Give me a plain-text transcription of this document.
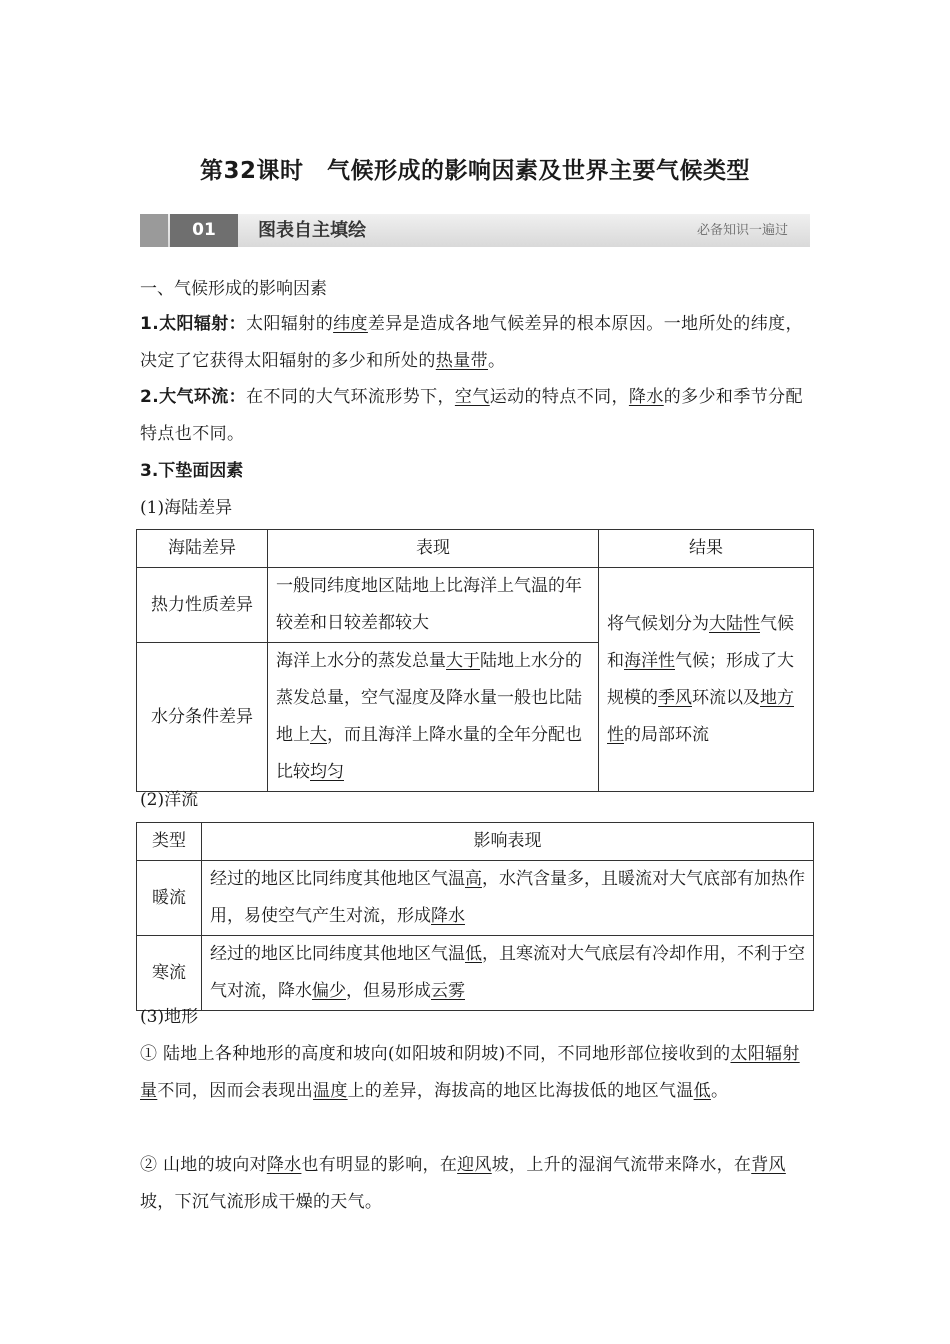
第32课时　气候形成的影响因素及世界主要气候类型
01	图表自主填绘	必备知识一遍过
一、气候形成的影响因素
1.太阳辐射：太阳辐射的纬度差异是造成各地气候差异的根本原因。一地所处的纬度，决定了它获得太阳辐射的多少和所处的热量带。
2.大气环流：在不同的大气环流形势下，空气运动的特点不同，降水的多少和季节分配特点也不同。
3.下垫面因素
(1)海陆差异
海陆差异	表现	结果
热力性质差异	一般同纬度地区陆地上比海洋上气温的年较差和日较差都较大	将气候划分为大陆性气候和海洋性气候；形成了大规模的季风环流以及地方性的局部环流
水分条件差异	海洋上水分的蒸发总量大于陆地上水分的蒸发总量，空气湿度及降水量一般也比陆地上大，而且海洋上降水量的全年分配也比较均匀	
(2)洋流
类型	影响表现
暖流	经过的地区比同纬度其他地区气温高，水汽含量多，且暖流对大气底部有加热作用，易使空气产生对流，形成降水
寒流	经过的地区比同纬度其他地区气温低，且寒流对大气底层有冷却作用，不利于空气对流，降水偏少，但易形成云雾
(3)地形
① 陆地上各种地形的高度和坡向(如阳坡和阴坡)不同，不同地形部位接收到的太阳辐射量不同，因而会表现出温度上的差异，海拔高的地区比海拔低的地区气温低。
② 山地的坡向对降水也有明显的影响，在迎风坡，上升的湿润气流带来降水，在背风坡，下沉气流形成干燥的天气。
